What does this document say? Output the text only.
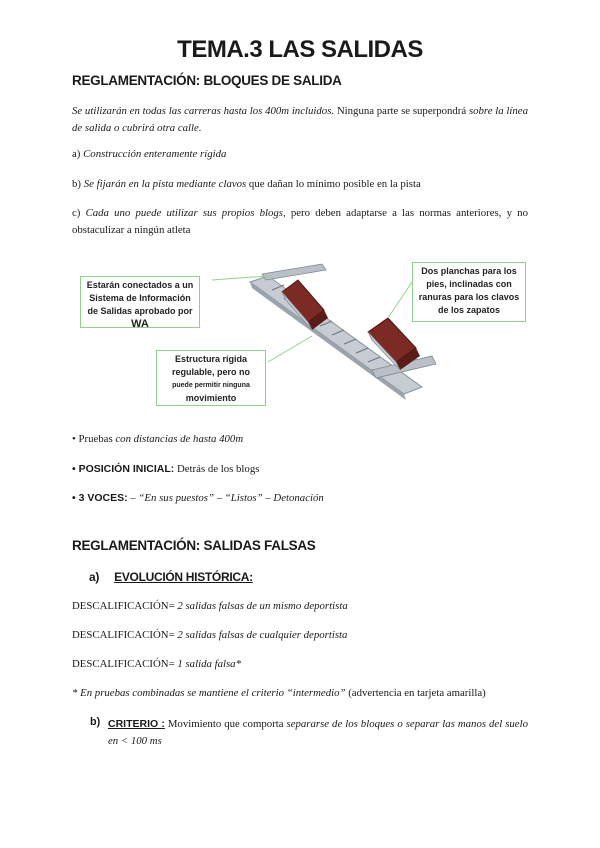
TEMA.3 LAS SALIDAS
REGLAMENTACIÓN: BLOQUES DE SALIDA
Se utilizarán en todas las carreras hasta los 400m incluidos. Ninguna parte se superpondrá sobre la línea de salida o cubrirá otra calle.
a) Construcción enteramente rígida
b) Se fijarán en la pista mediante clavos que dañan lo mínimo posible en la pista
c) Cada uno puede utilizar sus propios blogs, pero deben adaptarse a las normas anteriores, y no obstaculizar a ningún atleta
Estarán conectados a un
Sistema de Información
de Salidas aprobado por
WA
Dos planchas para los
pies, inclinadas con
ranuras para los clavos
de los zapatos
Estructura rígida
regulable, pero no
puede permitir ninguna
movimiento
• Pruebas con distancias de hasta 400m
• POSICIÓN INICIAL: Detrás de los blogs
• 3 VOCES: – “En sus puestos” – “Listos” – Detonación
REGLAMENTACIÓN: SALIDAS FALSAS
a) EVOLUCIÓN HISTÓRICA:
DESCALIFICACIÓN= 2 salidas falsas de un mismo deportista
DESCALIFICACIÓN= 2 salidas falsas de cualquier deportista
DESCALIFICACIÓN= 1 salida falsa*
* En pruebas combinadas se mantiene el criterio “intermedio” (advertencia en tarjeta amarilla)
b) CRITERIO : Movimiento que comporta separarse de los bloques o separar las manos del suelo en < 100 ms
